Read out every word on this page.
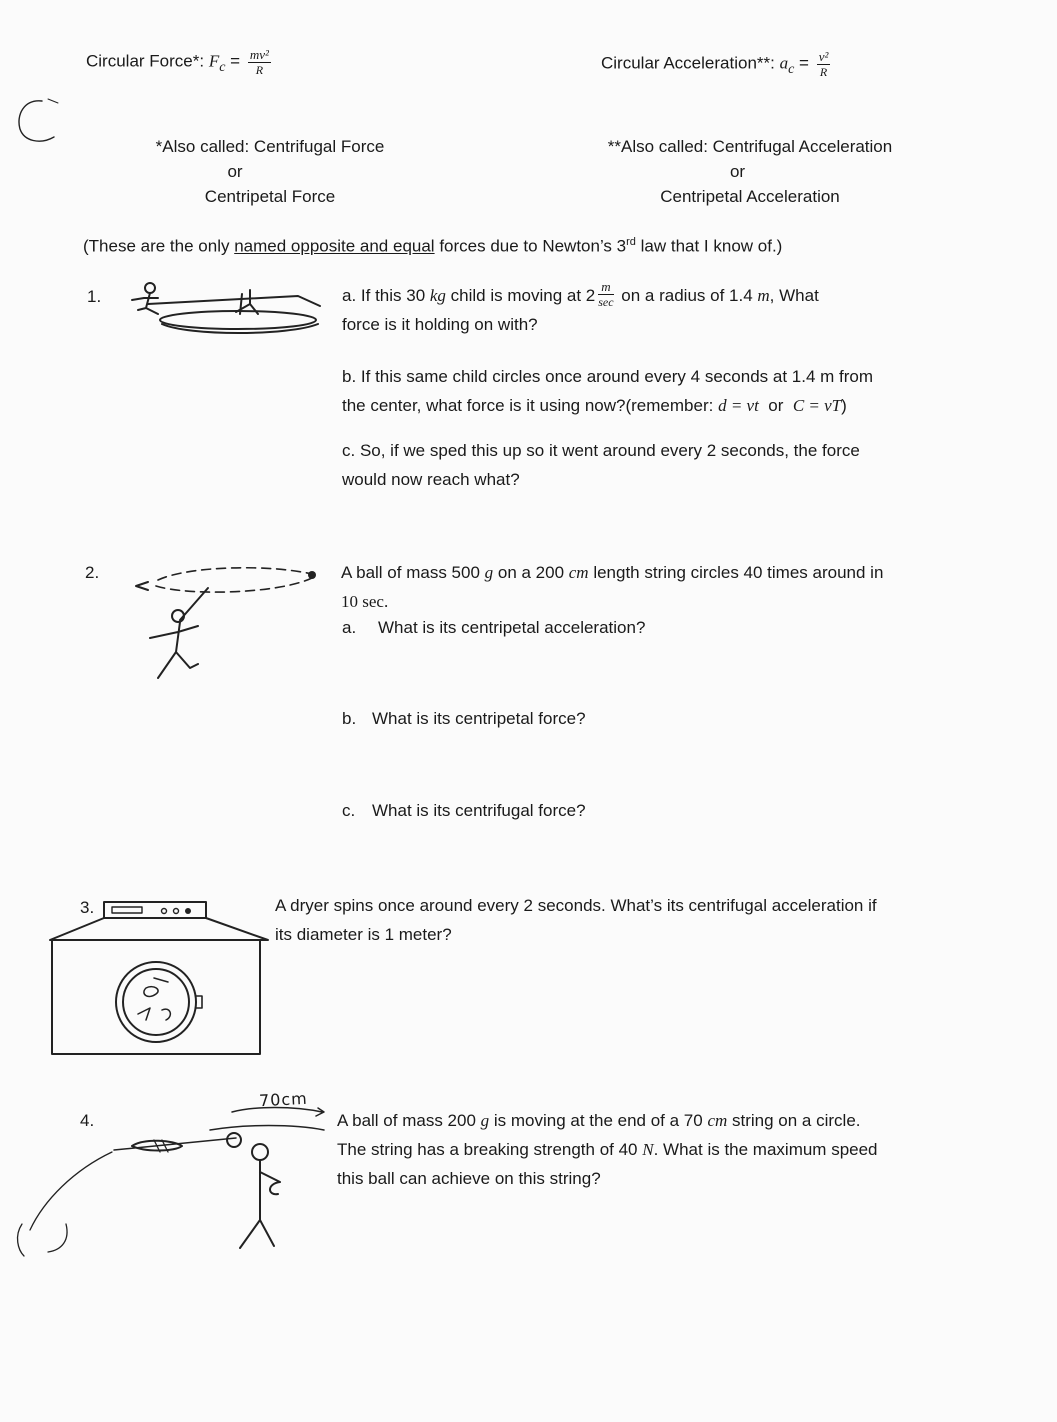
Circular Force*: $F_c = \frac{\text{mv²}}{R}$	Circular Acceleration**: $a_c = \frac{\text{v²}}{R}$
*Also called: Centrifugal Force
or
Centripetal Force
**Also called: Centrifugal Acceleration
or
Centripetal Acceleration
(These are the only named opposite and equal forces due to Newton’s 3rd law that I know of.)
1.	a. If this 30 kg child is moving at $2 \frac{m}{\sec}$ on a radius of 1.4 m, What
force is it holding on with?
b. If this same child circles once around every 4 seconds at 1.4 m from
the center, what force is it using now?(remember: d = vt  or  C = vT)
c. So, if we sped this up so it went around every 2 seconds, the force
would now reach what?
2.	A ball of mass 500 g on a 200 cm length string circles 40 times around in
10 sec.
a. What is its centripetal acceleration?
b. What is its centripetal force?
c. What is its centrifugal force?
3.	A dryer spins once around every 2 seconds. What’s its centrifugal acceleration if
its diameter is 1 meter?
4.
70cm
A ball of mass 200 g is moving at the end of a 70 cm string on a circle.
The string has a breaking strength of 40 N. What is the maximum speed
this ball can achieve on this string?
